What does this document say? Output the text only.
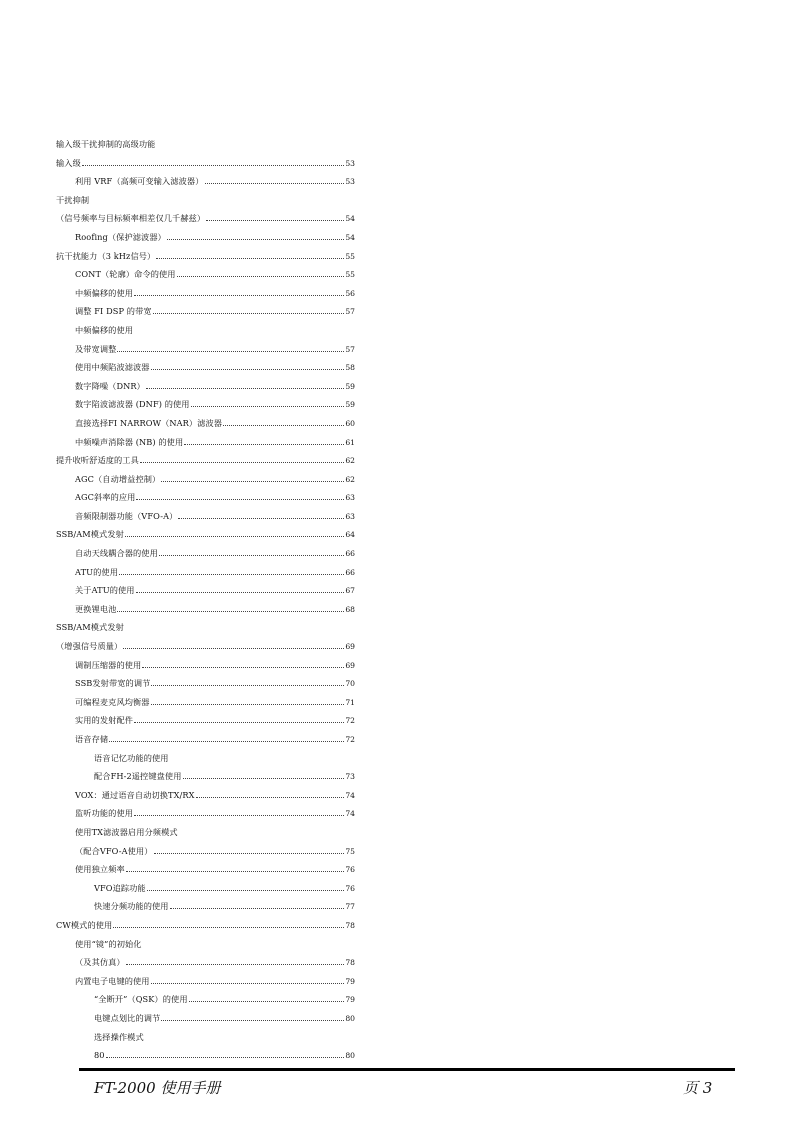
输入级干扰抑制的高级功能
输入级	53
利用 VRF（高频可变输入滤波器）	53
干扰抑制
（信号频率与目标频率相差仅几千赫兹）	54
Roofing（保护滤波器）	54
抗干扰能力（3 kHz信号）	55
CONT（轮廓）命令的使用	55
中频偏移的使用	56
调整 FI DSP 的带宽	57
中频偏移的使用
及带宽调整	57
使用中频陷波滤波器	58
数字降噪（DNR）	59
数字陷波滤波器 (DNF) 的使用	59
直接选择FI NARROW（NAR）滤波器	60
中频噪声消除器 (NB) 的使用	61
提升收听舒适度的工具	62
AGC（自动增益控制）	62
AGC斜率的应用	63
音频限制器功能（VFO-A）	63
SSB/AM模式发射	64
自动天线耦合器的使用	66
ATU的使用	66
关于ATU的使用	67
更换锂电池	68
SSB/AM模式发射
（增强信号质量）	69
调制压缩器的使用	69
SSB发射带宽的调节	70
可编程麦克风均衡器	71
实用的发射配件	72
语音存储	72
语音记忆功能的使用
配合FH-2遥控键盘使用	73
VOX：通过语音自动切换TX/RX	74
监听功能的使用	74
使用TX滤波器启用分频模式
（配合VFO-A使用）	75
使用独立频率	76
VFO追踪功能	76
快速分频功能的使用	77
CW模式的使用	78
使用“镜”的初始化
（及其仿真）	78
内置电子电键的使用	79
“全断开”（QSK）的使用	79
电键点划比的调节	80
选择操作模式
80	80
FT-2000 使用手册	页 3
